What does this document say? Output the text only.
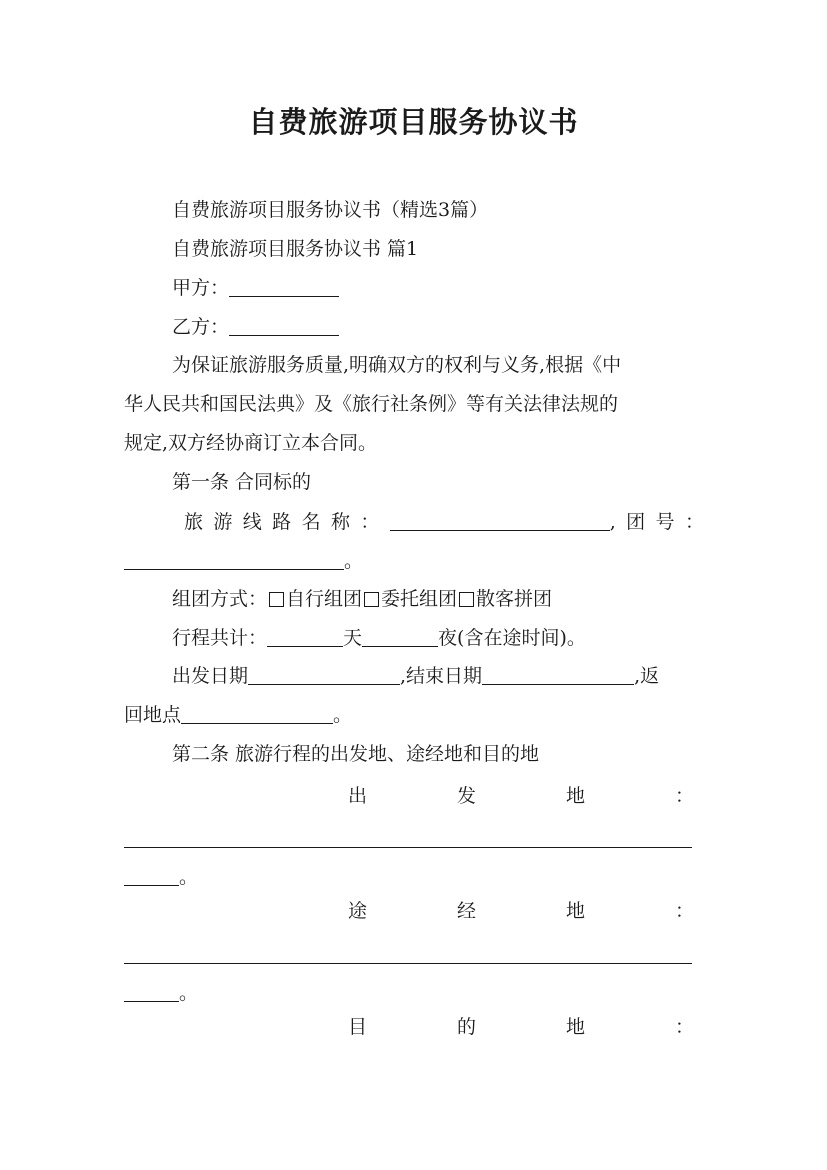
自费旅游项目服务协议书

自费旅游项目服务协议书（精选3篇）

自费旅游项目服务协议书 篇1

甲方：

乙方：

为保证旅游服务质量,明确双方的权利与义务,根据《中

华人民共和国民法典》及《旅行社条例》等有关法律法规的

规定,双方经协商订立本合同。

第一条 合同标的

旅 游 线 路 名 称 ：	, 团 号 ：

。

组团方式： 自行组团 委托组团 散客拼团

行程共计：	天	夜(含在途时间)。

出发日期	,结束日期	,返

回地点	。

第二条 旅游行程的出发地、途经地和目的地

出	发	地	：

。

途	经	地	：

。

目	的	地	：
